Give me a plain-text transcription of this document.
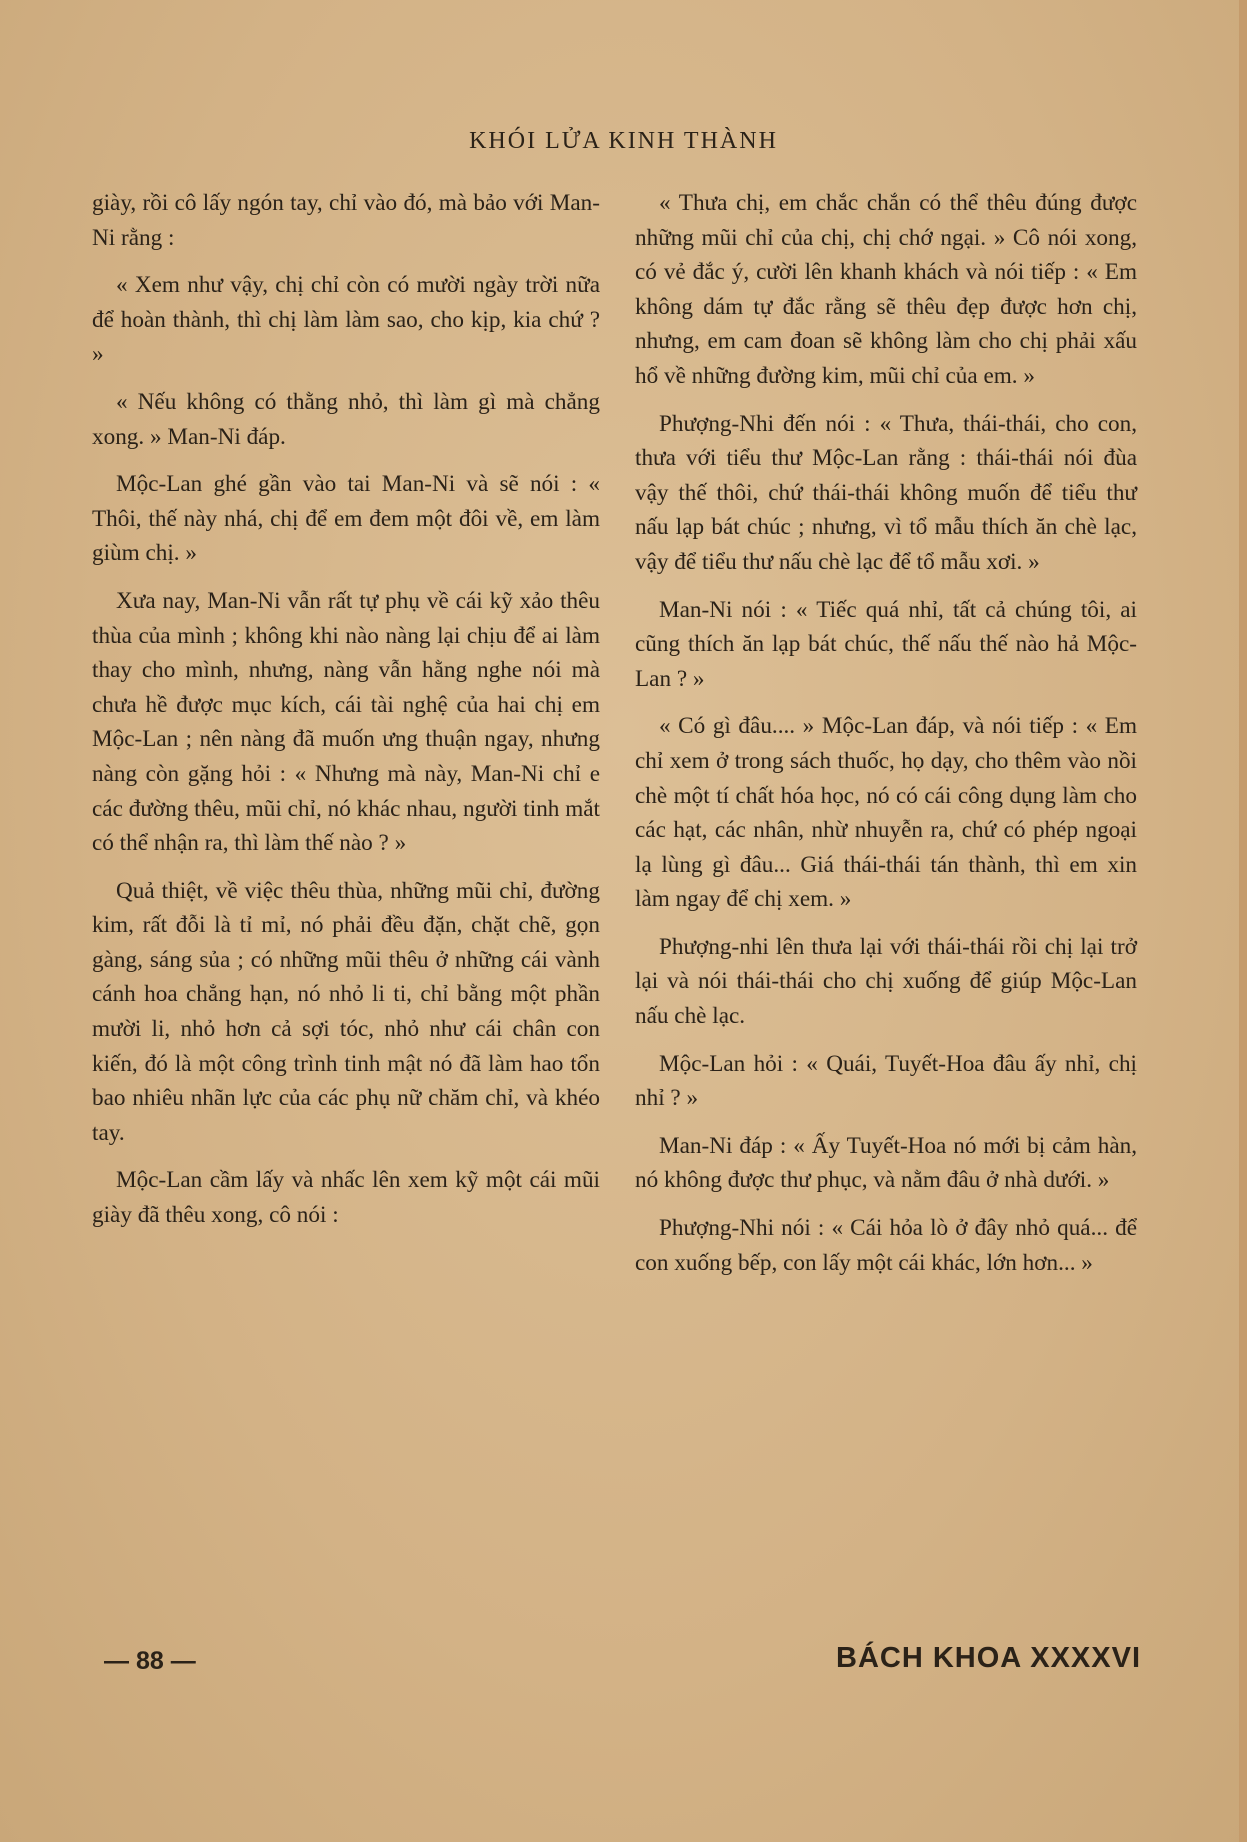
KHÓI LỬA KINH THÀNH

giày, rồi cô lấy ngón tay, chỉ vào đó, mà bảo với Man-Ni rằng :

« Xem như vậy, chị chỉ còn có mười ngày trời nữa để hoàn thành, thì chị làm làm sao, cho kịp, kia chứ ? »

« Nếu không có thằng nhỏ, thì làm gì mà chẳng xong. » Man-Ni đáp.

Mộc-Lan ghé gần vào tai Man-Ni và sẽ nói : « Thôi, thế này nhá, chị để em đem một đôi về, em làm giùm chị. »

Xưa nay, Man-Ni vẫn rất tự phụ về cái kỹ xảo thêu thùa của mình ; không khi nào nàng lại chịu để ai làm thay cho mình, nhưng, nàng vẫn hằng nghe nói mà chưa hề được mục kích, cái tài nghệ của hai chị em Mộc-Lan ; nên nàng đã muốn ưng thuận ngay, nhưng nàng còn gặng hỏi : « Nhưng mà này, Man-Ni chỉ e các đường thêu, mũi chỉ, nó khác nhau, người tinh mắt có thể nhận ra, thì làm thế nào ? »

Quả thiệt, về việc thêu thùa, những mũi chỉ, đường kim, rất đỗi là tỉ mỉ, nó phải đều đặn, chặt chẽ, gọn gàng, sáng sủa ; có những mũi thêu ở những cái vành cánh hoa chẳng hạn, nó nhỏ li ti, chỉ bằng một phần mười li, nhỏ hơn cả sợi tóc, nhỏ như cái chân con kiến, đó là một công trình tinh mật nó đã làm hao tổn bao nhiêu nhãn lực của các phụ nữ chăm chỉ, và khéo tay.

Mộc-Lan cầm lấy và nhấc lên xem kỹ một cái mũi giày đã thêu xong, cô nói :

« Thưa chị, em chắc chắn có thể thêu đúng được những mũi chỉ của chị, chị chớ ngại. » Cô nói xong, có vẻ đắc ý, cười lên khanh khách và nói tiếp : « Em không dám tự đắc rằng sẽ thêu đẹp được hơn chị, nhưng, em cam đoan sẽ không làm cho chị phải xấu hổ về những đường kim, mũi chỉ của em. »

Phượng-Nhi đến nói : « Thưa, thái-thái, cho con, thưa với tiểu thư Mộc-Lan rằng : thái-thái nói đùa vậy thế thôi, chứ thái-thái không muốn để tiểu thư nấu lạp bát chúc ; nhưng, vì tổ mẫu thích ăn chè lạc, vậy để tiểu thư nấu chè lạc để tổ mẫu xơi. »

Man-Ni nói : « Tiếc quá nhỉ, tất cả chúng tôi, ai cũng thích ăn lạp bát chúc, thế nấu thế nào hả Mộc-Lan ? »

« Có gì đâu.... » Mộc-Lan đáp, và nói tiếp : « Em chỉ xem ở trong sách thuốc, họ dạy, cho thêm vào nồi chè một tí chất hóa học, nó có cái công dụng làm cho các hạt, các nhân, nhừ nhuyễn ra, chứ có phép ngoại lạ lùng gì đâu... Giá thái-thái tán thành, thì em xin làm ngay để chị xem. »

Phượng-nhi lên thưa lại với thái-thái rồi chị lại trở lại và nói thái-thái cho chị xuống để giúp Mộc-Lan nấu chè lạc.

Mộc-Lan hỏi : « Quái, Tuyết-Hoa đâu ấy nhỉ, chị nhỉ ? »

Man-Ni đáp : « Ấy Tuyết-Hoa nó mới bị cảm hàn, nó không được thư phục, và nằm đâu ở nhà dưới. »

Phượng-Nhi nói : « Cái hỏa lò ở đây nhỏ quá... để con xuống bếp, con lấy một cái khác, lớn hơn... »

— 88 —	BÁCH KHOA XXXXVI
